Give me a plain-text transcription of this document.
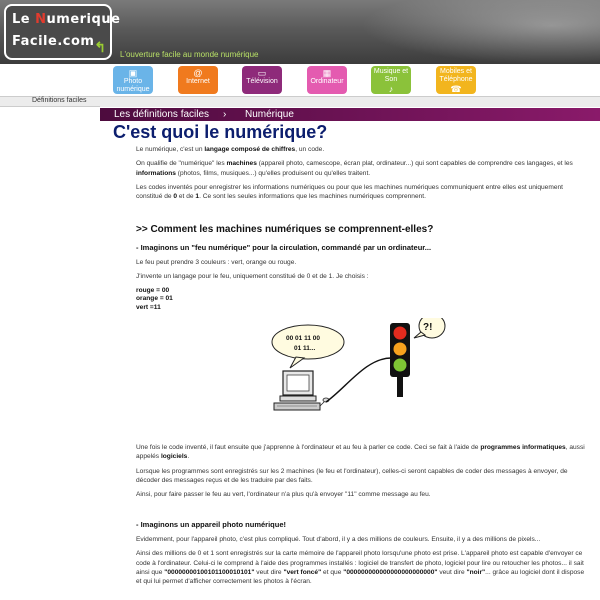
Le Numerique
Facile.com ↰ L'ouverture facile au monde numérique
▣
Photo numérique
@
Internet
▭
Télévision
▦
Ordinateur
Musique et Son
♪
Mobiles et Téléphone
☎
Définitions faciles
Les définitions faciles › Numérique
C'est quoi le numérique?

Le numérique, c'est un langage composé de chiffres, un code.

On qualifie de "numérique" les machines (appareil photo, camescope, écran plat, ordinateur...) qui sont capables de comprendre ces langages, et les informations (photos, films, musiques...) qu'elles produisent ou qu'elles traitent.

Les codes inventés pour enregistrer les informations numériques ou pour que les machines numériques communiquent entre elles est uniquement constitué de 0 et de 1. Ce sont les seules informations que les machines numériques comprennent.

>> Comment les machines numériques se comprennent-elles?
- Imaginons un "feu numérique" pour la circulation, commandé par un ordinateur...

Le feu peut prendre 3 couleurs : vert, orange ou rouge.

J'invente un langage pour le feu, uniquement constitué de 0 et de 1. Je choisis :

rouge = 00
orange = 01
vert =11
00 01 11 00
01 11...
?!

Une fois le code inventé, il faut ensuite que j'apprenne à l'ordinateur et au feu à parler ce code. Ceci se fait à l'aide de programmes informatiques, aussi appelés logiciels.

Lorsque les programmes sont enregistrés sur les 2 machines (le feu et l'ordinateur), celles-ci seront capables de coder des messages à envoyer, de décoder des messages reçus et de les traduire par des faits.

Ainsi, pour faire passer le feu au vert, l'ordinateur n'a plus qu'à envoyer "11" comme message au feu.

- Imaginons un appareil photo numérique!

Evidemment, pour l'appareil photo, c'est plus compliqué. Tout d'abord, il y a des millions de couleurs. Ensuite, il y a des millions de pixels...

Ainsi des millions de 0 et 1 sont enregistrés sur la carte mémoire de l'appareil photo lorsqu'une photo est prise. L'appareil photo est capable d'envoyer ce code à l'ordinateur. Celui-ci le comprend à l'aide des programmes installés : logiciel de transfert de photo, logiciel pour lire ou retoucher les photos... il sait ainsi que "00000000100101100010101" veut dire "vert foncé" et que "000000000000000000000000" veut dire "noir"... grâce au logiciel dont il dispose et qui lui permet d'afficher correctement les photos à l'écran.
